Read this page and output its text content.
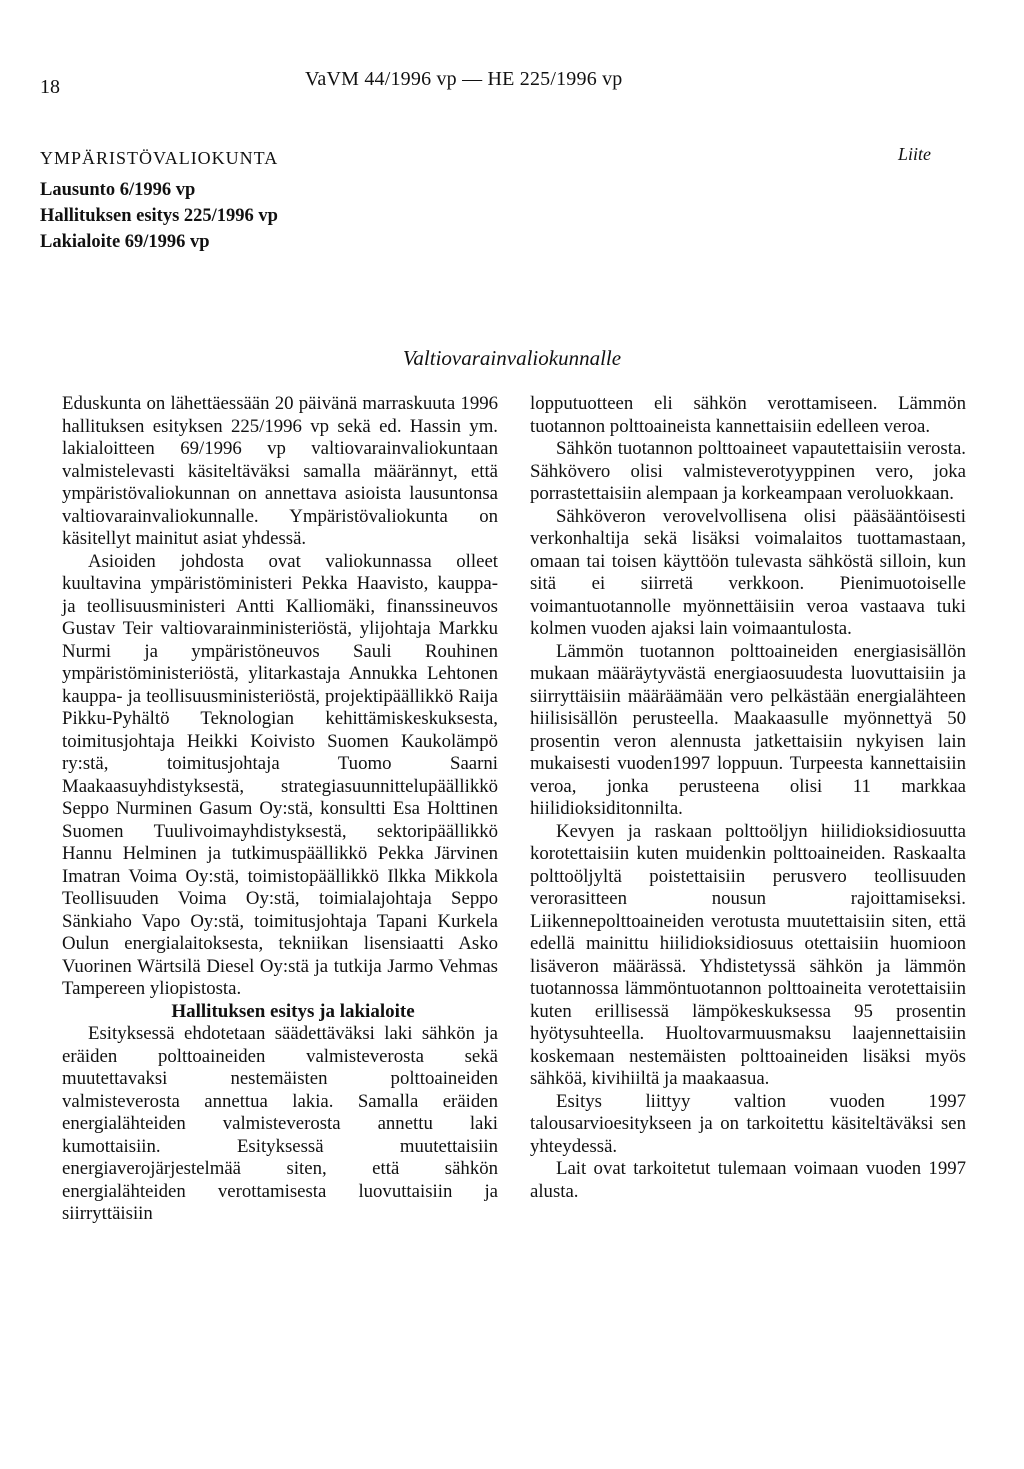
18	VaVM 44/1996 vp — HE 225/1996 vp
YMPÄRISTÖVALIOKUNTA	Liite
Lausunto 6/1996 vp
Hallituksen esitys 225/1996 vp
Lakialoite 69/1996 vp
Valtiovarainvaliokunnalle

Eduskunta on lähettäessään 20 päivänä marraskuuta 1996 hallituksen esityksen 225/1996 vp sekä ed. Hassin ym. lakialoitteen 69/1996 vp valtiovarainvaliokuntaan valmistelevasti käsiteltäväksi samalla määrännyt, että ympäristövaliokunnan on annettava asioista lausuntonsa valtiovarainvaliokunnalle. Ympäristövaliokunta on käsitellyt mainitut asiat yhdessä.

Asioiden johdosta ovat valiokunnassa olleet kuultavina ympäristöministeri Pekka Haavisto, kauppa- ja teollisuusministeri Antti Kalliomäki, finanssineuvos Gustav Teir valtiovarainministeriöstä, ylijohtaja Markku Nurmi ja ympäristöneuvos Sauli Rouhinen ympäristöministeriöstä, ylitarkastaja Annukka Lehtonen kauppa- ja teollisuusministeriöstä, projektipäällikkö Raija Pikku-Pyhältö Teknologian kehittämiskeskuksesta, toimitusjohtaja Heikki Koivisto Suomen Kaukolämpö ry:stä, toimitusjohtaja Tuomo Saarni Maakaasuyhdistyksestä, strategiasuunnittelupäällikkö Seppo Nurminen Gasum Oy:stä, konsultti Esa Holttinen Suomen Tuulivoimayhdistyksestä, sektoripäällikkö Hannu Helminen ja tutkimuspäällikkö Pekka Järvinen Imatran Voima Oy:stä, toimistopäällikkö Ilkka Mikkola Teollisuuden Voima Oy:stä, toimialajohtaja Seppo Sänkiaho Vapo Oy:stä, toimitusjohtaja Tapani Kurkela Oulun energialaitoksesta, tekniikan lisensiaatti Asko Vuorinen Wärtsilä Diesel Oy:stä ja tutkija Jarmo Vehmas Tampereen yliopistosta.

Hallituksen esitys ja lakialoite

Esityksessä ehdotetaan säädettäväksi laki sähkön ja eräiden polttoaineiden valmisteverosta sekä muutettavaksi nestemäisten polttoaineiden valmisteverosta annettua lakia. Samalla eräiden energialähteiden valmisteverosta annettu laki kumottaisiin. Esityksessä muutettaisiin energiaverojärjestelmää siten, että sähkön energialähteiden verottamisesta luovuttaisiin ja siirryttäisiin

lopputuotteen eli sähkön verottamiseen. Lämmön tuotannon polttoaineista kannettaisiin edelleen veroa.

Sähkön tuotannon polttoaineet vapautettaisiin verosta. Sähkövero olisi valmisteverotyyppinen vero, joka porrastettaisiin alempaan ja korkeampaan veroluokkaan.

Sähköveron verovelvollisena olisi pääsääntöisesti verkonhaltija sekä lisäksi voimalaitos tuottamastaan, omaan tai toisen käyttöön tulevasta sähköstä silloin, kun sitä ei siirretä verkkoon. Pienimuotoiselle voimantuotannolle myönnettäisiin veroa vastaava tuki kolmen vuoden ajaksi lain voimaantulosta.

Lämmön tuotannon polttoaineiden energiasisällön mukaan määräytyvästä energiaosuudesta luovuttaisiin ja siirryttäisiin määräämään vero pelkästään energialähteen hiilisisällön perusteella. Maakaasulle myönnettyä 50 prosentin veron alennusta jatkettaisiin nykyisen lain mukaisesti vuoden1997 loppuun. Turpeesta kannettaisiin veroa, jonka perusteena olisi 11 markkaa hiilidioksiditonnilta.

Kevyen ja raskaan polttoöljyn hiilidioksidiosuutta korotettaisiin kuten muidenkin polttoaineiden. Raskaalta polttoöljyltä poistettaisiin perusvero teollisuuden verorasitteen nousun rajoittamiseksi. Liikennepolttoaineiden verotusta muutettaisiin siten, että edellä mainittu hiilidioksidiosuus otettaisiin huomioon lisäveron määrässä. Yhdistetyssä sähkön ja lämmön tuotannossa lämmöntuotannon polttoaineita verotettaisiin kuten erillisessä lämpökeskuksessa 95 prosentin hyötysuhteella. Huoltovarmuusmaksu laajennettaisiin koskemaan nestemäisten polttoaineiden lisäksi myös sähköä, kivihiiltä ja maakaasua.

Esitys liittyy valtion vuoden 1997 talousarvioesitykseen ja on tarkoitettu käsiteltäväksi sen yhteydessä.

Lait ovat tarkoitetut tulemaan voimaan vuoden 1997 alusta.
